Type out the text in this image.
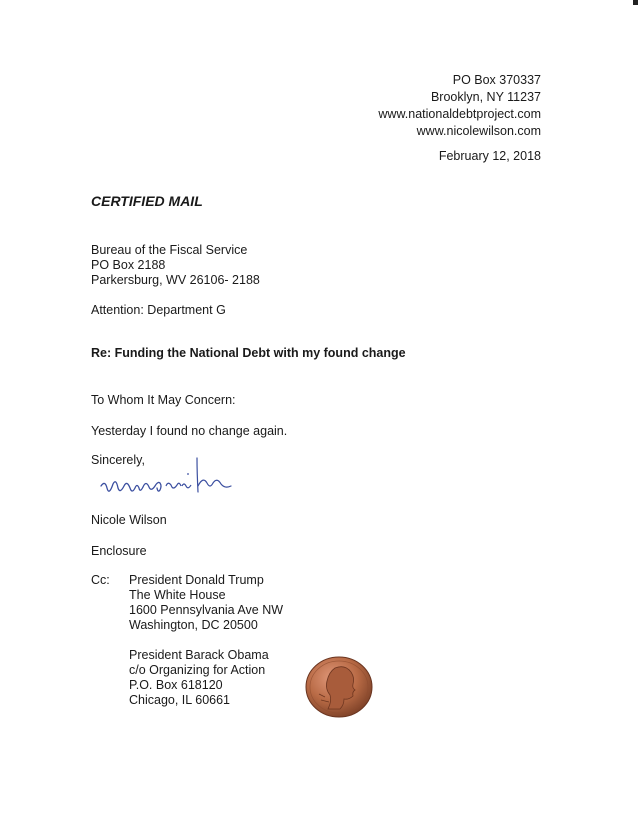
PO Box 370337
Brooklyn, NY 11237
www.nationaldebtproject.com
www.nicolewilson.com
February 12, 2018
CERTIFIED MAIL
Bureau of the Fiscal Service
PO Box 2188
Parkersburg, WV 26106- 2188
Attention: Department G
Re: Funding the National Debt with my found change
To Whom It May Concern:
Yesterday I found no change again.
Sincerely,
Nicole Wilson
Enclosure
Cc: President Donald Trump
The White House
1600 Pennsylvania Ave NW
Washington, DC 20500
President Barack Obama
c/o Organizing for Action
P.O. Box 618120
Chicago, IL 60661
